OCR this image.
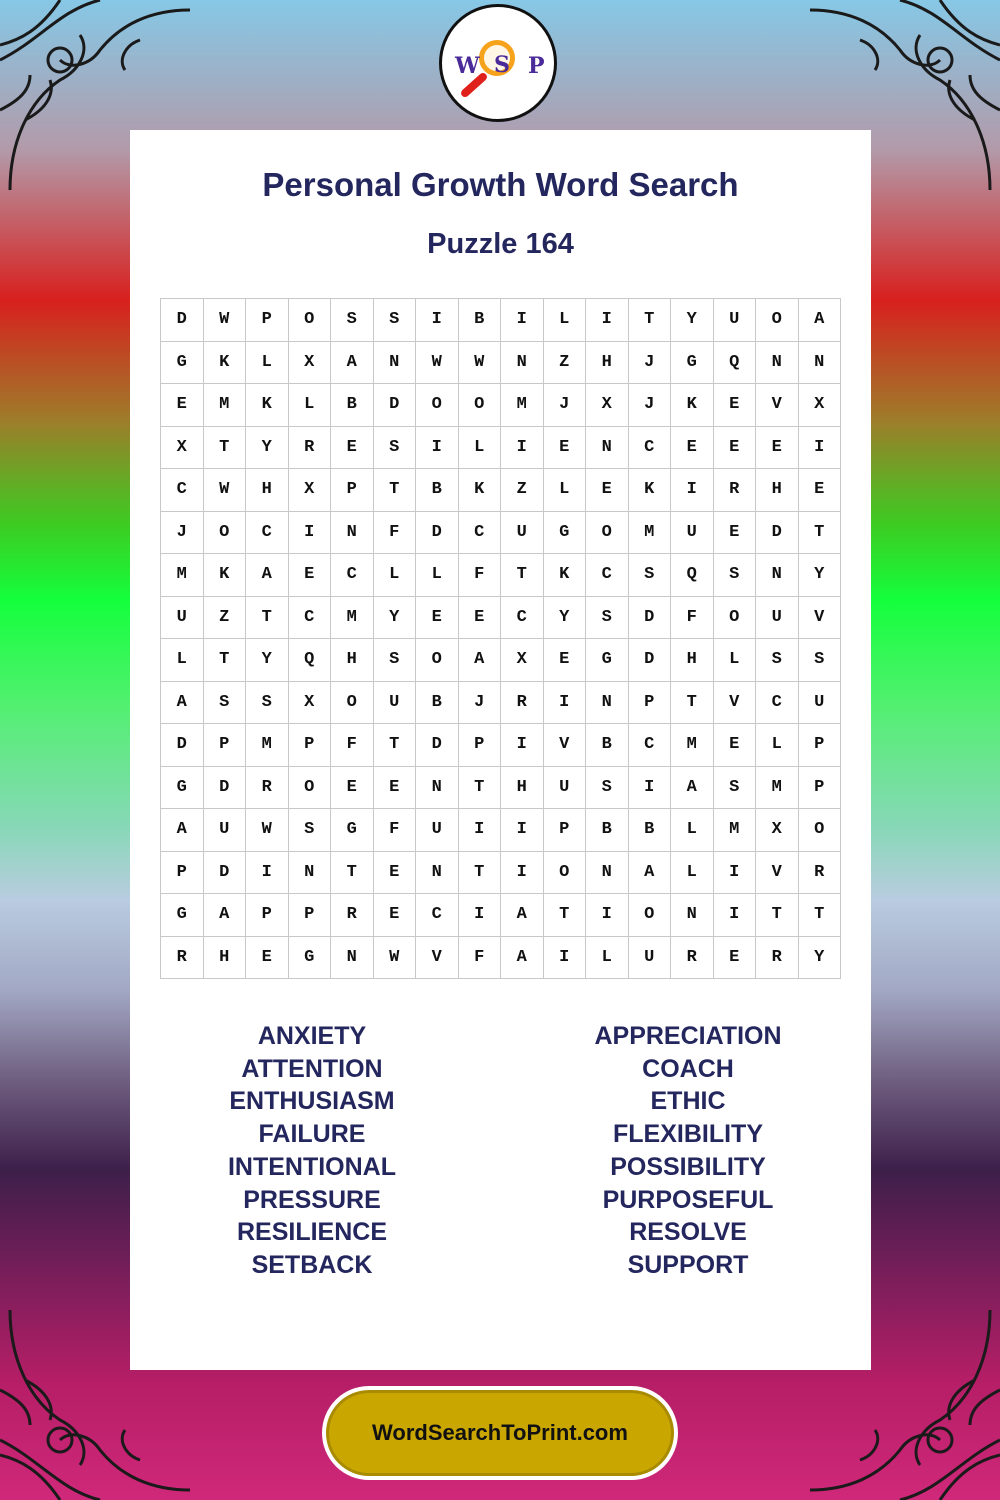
W S P
Personal Growth Word Search
Puzzle 164
D	W	P	O	S	S	I	B	I	L	I	T	Y	U	O	A
G	K	L	X	A	N	W	W	N	Z	H	J	G	Q	N	N
E	M	K	L	B	D	O	O	M	J	X	J	K	E	V	X
X	T	Y	R	E	S	I	L	I	E	N	C	E	E	E	I
C	W	H	X	P	T	B	K	Z	L	E	K	I	R	H	E
J	O	C	I	N	F	D	C	U	G	O	M	U	E	D	T
M	K	A	E	C	L	L	F	T	K	C	S	Q	S	N	Y
U	Z	T	C	M	Y	E	E	C	Y	S	D	F	O	U	V
L	T	Y	Q	H	S	O	A	X	E	G	D	H	L	S	S
A	S	S	X	O	U	B	J	R	I	N	P	T	V	C	U
D	P	M	P	F	T	D	P	I	V	B	C	M	E	L	P
G	D	R	O	E	E	N	T	H	U	S	I	A	S	M	P
A	U	W	S	G	F	U	I	I	P	B	B	L	M	X	O
P	D	I	N	T	E	N	T	I	O	N	A	L	I	V	R
G	A	P	P	R	E	C	I	A	T	I	O	N	I	T	T
R	H	E	G	N	W	V	F	A	I	L	U	R	E	R	Y
ANXIETY
ATTENTION
ENTHUSIASM
FAILURE
INTENTIONAL
PRESSURE
RESILIENCE
SETBACK
APPRECIATION
COACH
ETHIC
FLEXIBILITY
POSSIBILITY
PURPOSEFUL
RESOLVE
SUPPORT
WordSearchToPrint.com
